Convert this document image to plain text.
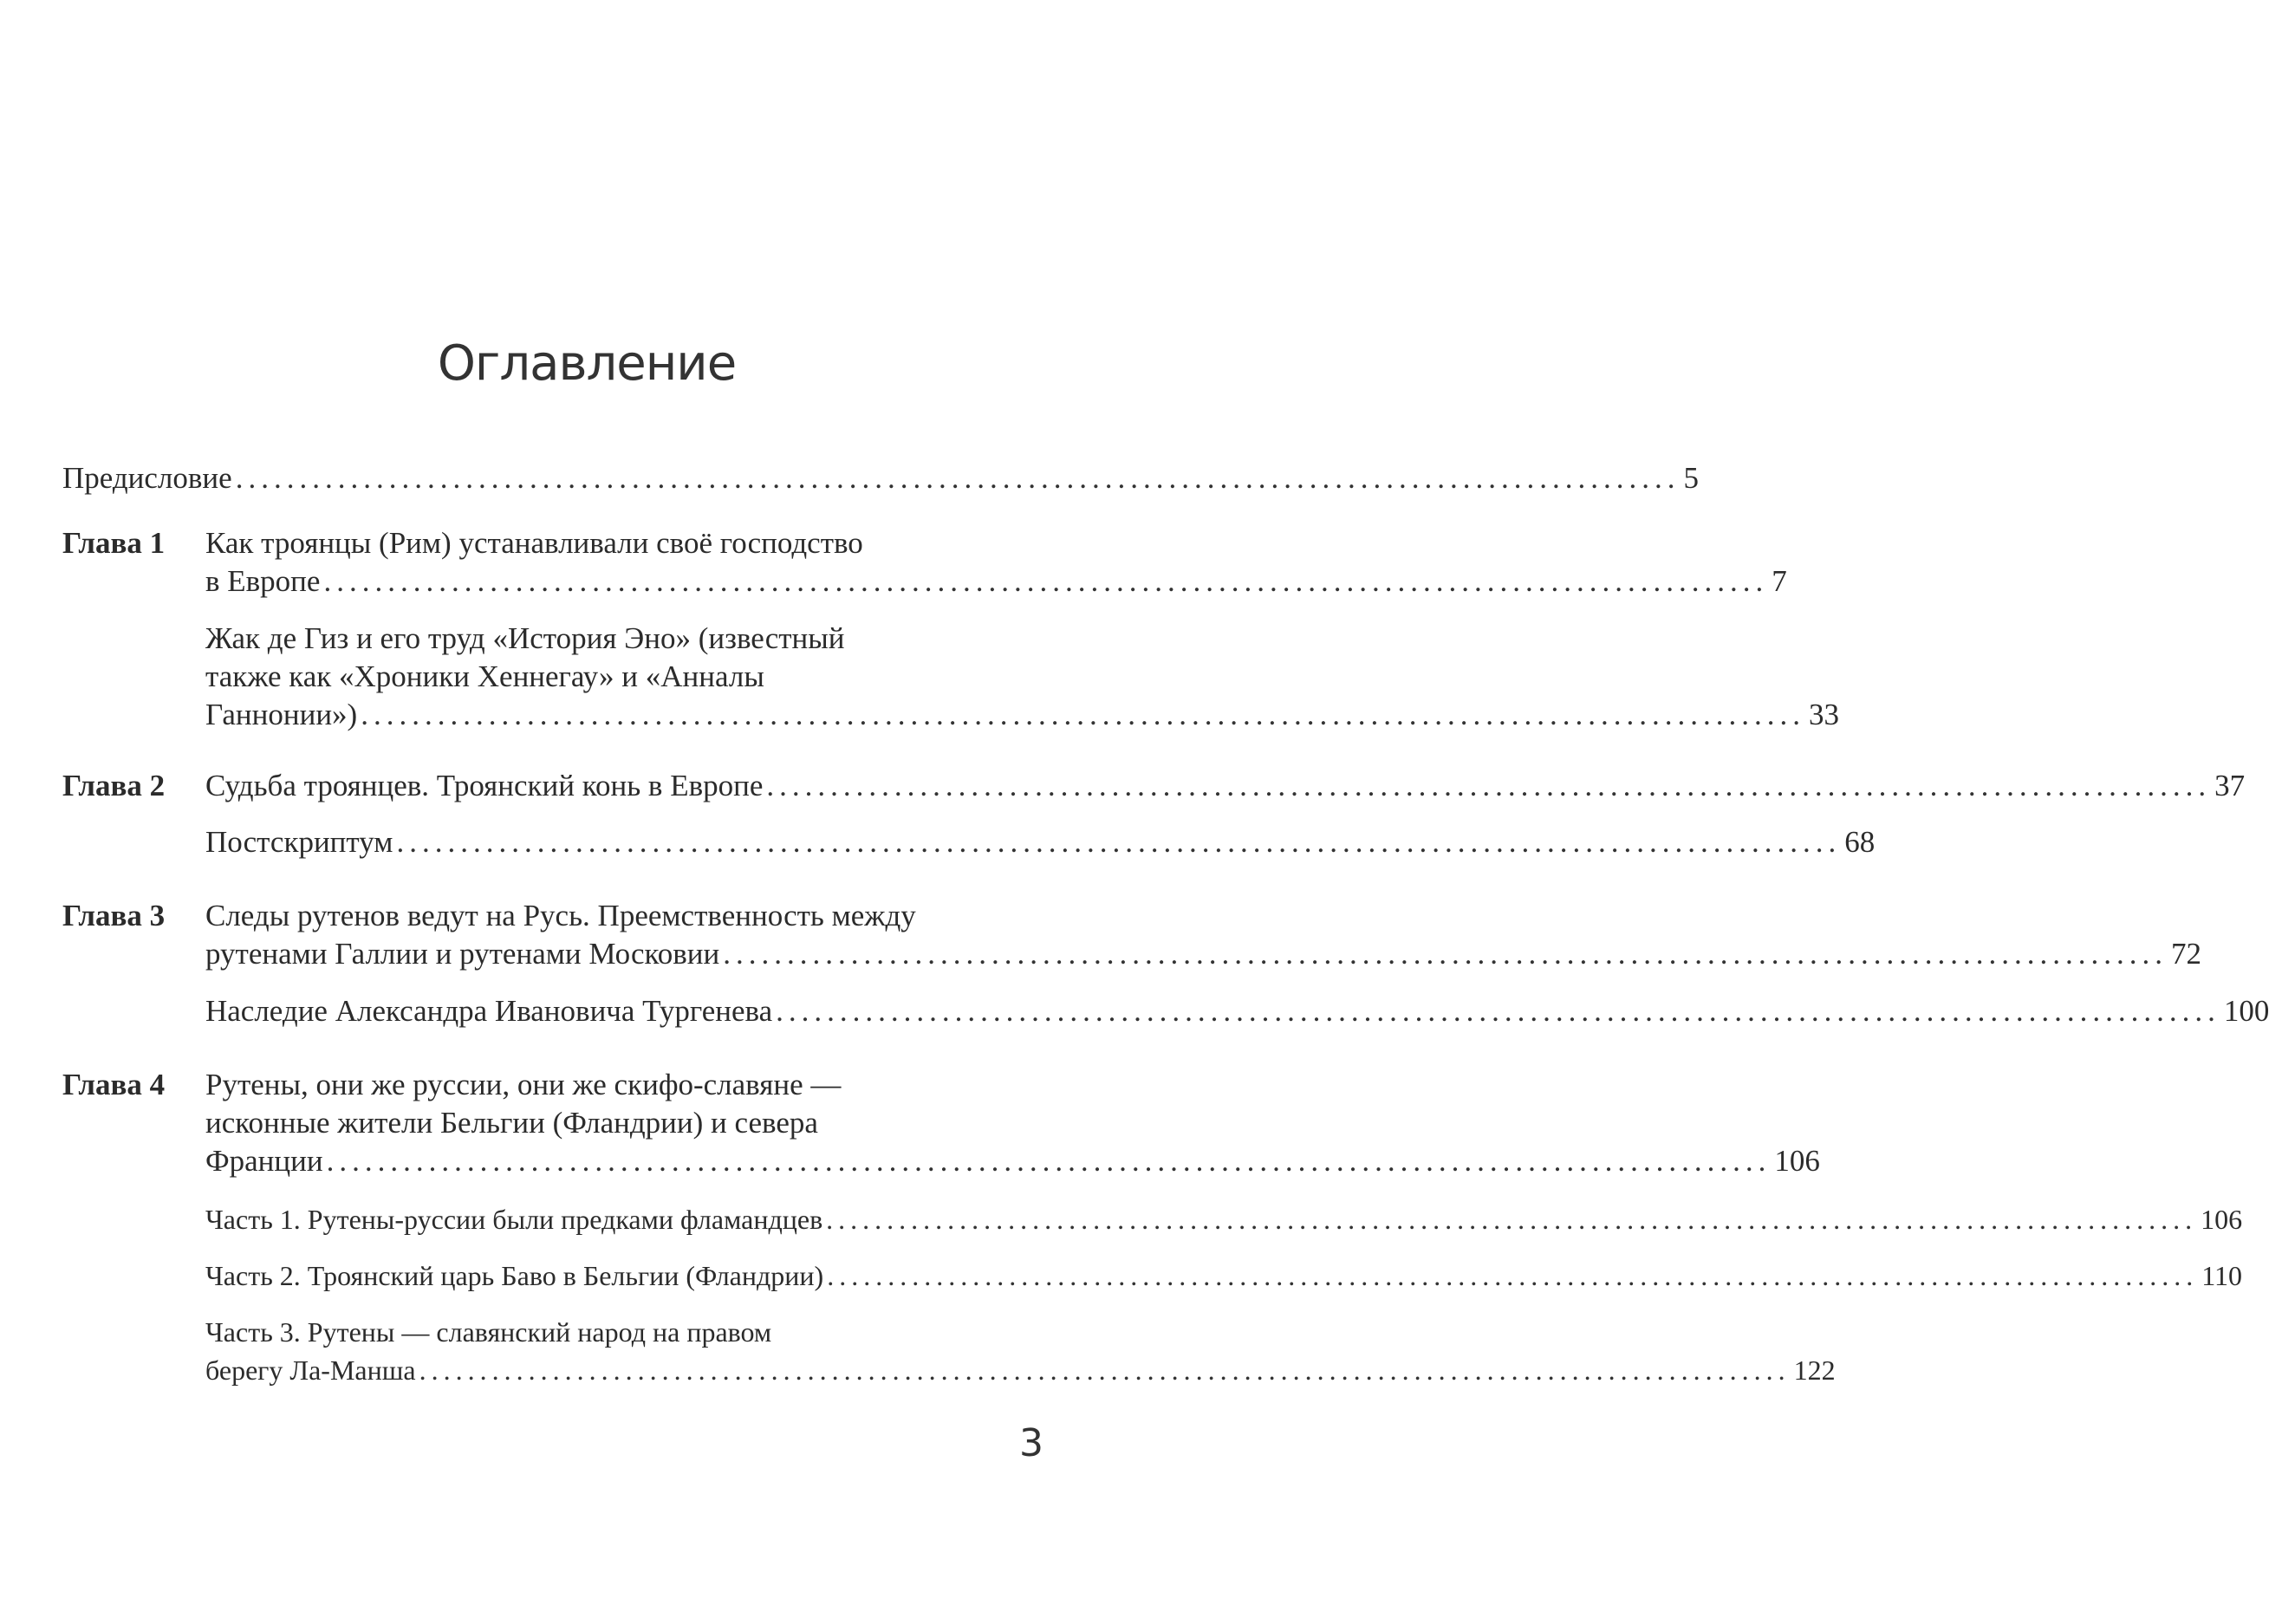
Оглавление
Предисловие ................................................................................................................. 5
Глава 1 Как троянцы (Рим) устанавливали своё господство
в Европе ................................................................................................................. 7
Жак де Гиз и его труд «История Эно» (известный
также как «Хроники Хеннегау» и «Анналы
Ганнонии») ................................................................................................................. 33
Глава 2 Судьба троянцев. Троянский конь в Европе ................................................................................................................. 37
Постскриптум ................................................................................................................. 68
Глава 3 Следы рутенов ведут на Русь. Преемственность между
рутенами Галлии и рутенами Московии ................................................................................................................. 72
Наследие Александра Ивановича Тургенева ................................................................................................................. 100
Глава 4 Рутены, они же руссии, они же скифо-славяне —
исконные жители Бельгии (Фландрии) и севера
Франции ................................................................................................................. 106
Часть 1. Рутены-руссии были предками фламандцев ................................................................................................................. 106
Часть 2. Троянский царь Баво в Бельгии (Фландрии) ................................................................................................................. 110
Часть 3. Рутены — славянский народ на правом
берегу Ла-Манша ................................................................................................................. 122
3
